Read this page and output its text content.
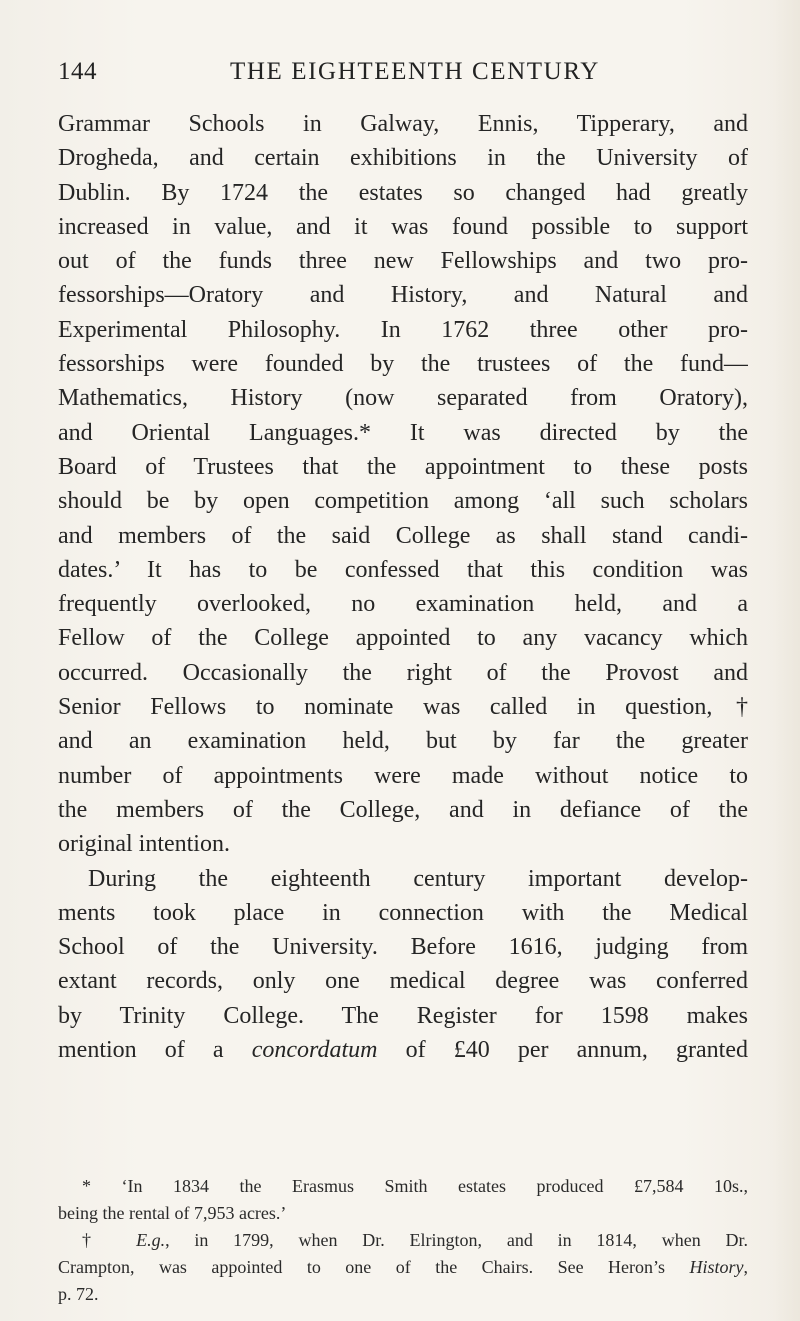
144	THE EIGHTEENTH CENTURY
Grammar Schools in Galway, Ennis, Tipperary, and
Drogheda, and certain exhibitions in the University of
Dublin. By 1724 the estates so changed had greatly
increased in value, and it was found possible to support
out of the funds three new Fellowships and two pro-
fessorships—Oratory and History, and Natural and
Experimental Philosophy. In 1762 three other pro-
fessorships were founded by the trustees of the fund—
Mathematics, History (now separated from Oratory),
and Oriental Languages.* It was directed by the
Board of Trustees that the appointment to these posts
should be by open competition among ‘all such scholars
and members of the said College as shall stand candi-
dates.’ It has to be confessed that this condition was
frequently overlooked, no examination held, and a
Fellow of the College appointed to any vacancy which
occurred. Occasionally the right of the Provost and
Senior Fellows to nominate was called in question,†
and an examination held, but by far the greater
number of appointments were made without notice to
the members of the College, and in defiance of the
original intention.
During the eighteenth century important develop-
ments took place in connection with the Medical
School of the University. Before 1616, judging from
extant records, only one medical degree was conferred
by Trinity College. The Register for 1598 makes
mention of a concordatum of £40 per annum, granted
* ‘In 1834 the Erasmus Smith estates produced £7,584 10s.,
being the rental of 7,953 acres.’
† E.g., in 1799, when Dr. Elrington, and in 1814, when Dr.
Crampton, was appointed to one of the Chairs. See Heron’s History,
p. 72.
